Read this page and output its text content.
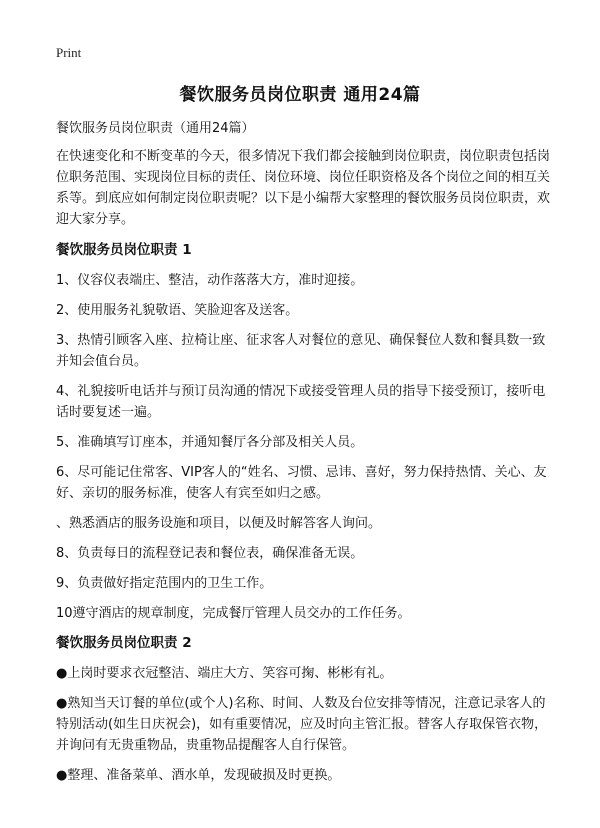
Print
餐饮服务员岗位职责 通用24篇

餐饮服务员岗位职责（通用24篇）

在快速变化和不断变革的今天，很多情况下我们都会接触到岗位职责，岗位职责包括岗位职务范围、实现岗位目标的责任、岗位环境、岗位任职资格及各个岗位之间的相互关系等。到底应如何制定岗位职责呢？以下是小编帮大家整理的餐饮服务员岗位职责，欢迎大家分享。

餐饮服务员岗位职责 1

1、仪容仪表端庄、整洁，动作落落大方，准时迎接。

2、使用服务礼貌敬语、笑脸迎客及送客。

3、热情引顾客入座、拉椅让座、征求客人对餐位的意见、确保餐位人数和餐具数一致并知会值台员。

4、礼貌接听电话并与预订员沟通的情况下或接受管理人员的指导下接受预订，接听电话时要复述一遍。

5、准确填写订座本，并通知餐厅各分部及相关人员。

6、尽可能记住常客、VIP客人的“姓名、习惯、忌讳、喜好，努力保持热情、关心、友好、亲切的服务标准，使客人有宾至如归之感。

、熟悉酒店的服务设施和项目，以便及时解答客人询问。

8、负责每日的流程登记表和餐位表，确保准备无误。

9、负责做好指定范围内的卫生工作。

10遵守酒店的规章制度，完成餐厅管理人员交办的工作任务。

餐饮服务员岗位职责 2

●上岗时要求衣冠整洁、端庄大方、笑容可掬、彬彬有礼。

●熟知当天订餐的单位(或个人)名称、时间、人数及台位安排等情况，注意记录客人的特别活动(如生日庆祝会)，如有重要情况，应及时向主管汇报。替客人存取保管衣物，并询问有无贵重物品，贵重物品提醒客人自行保管。

●整理、准备菜单、酒水单，发现破损及时更换。
